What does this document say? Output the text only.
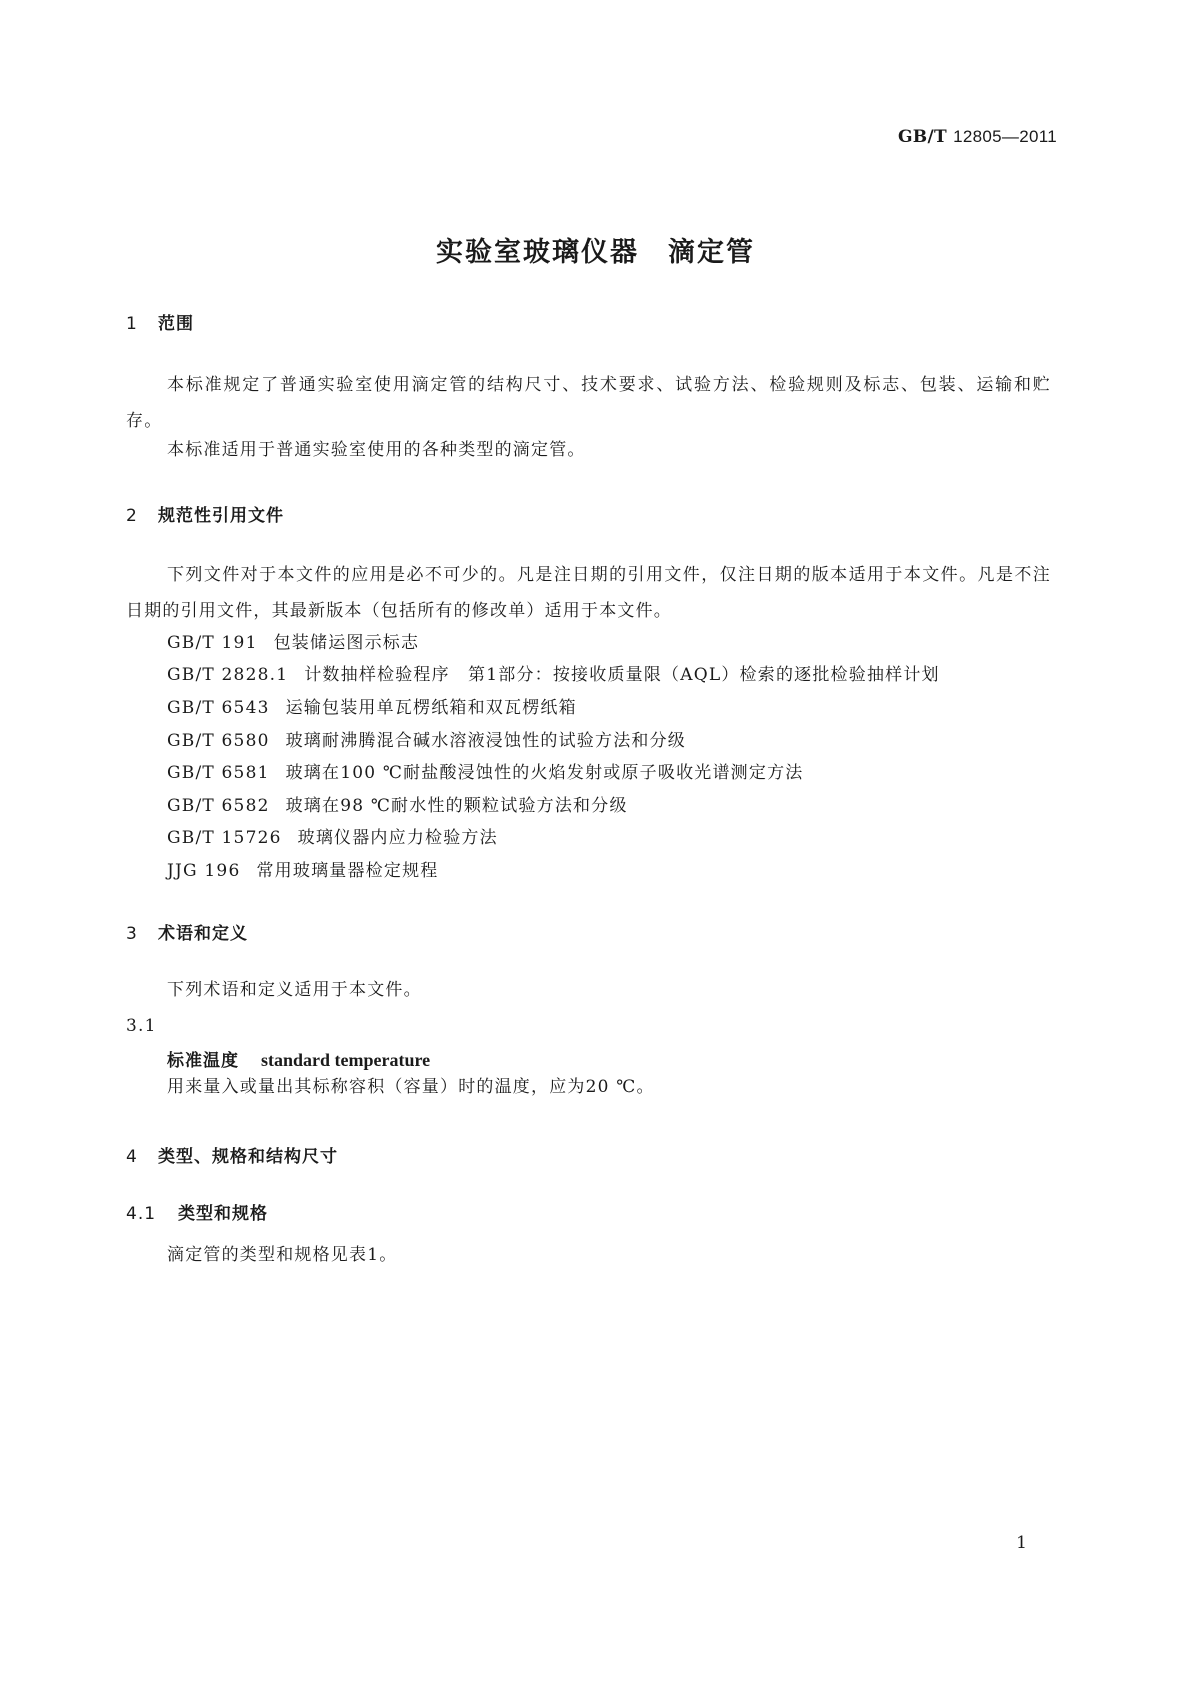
GB/T 12805—2011
实验室玻璃仪器　滴定管
1 范围
本标准规定了普通实验室使用滴定管的结构尺寸、技术要求、试验方法、检验规则及标志、包装、运输和贮存。
本标准适用于普通实验室使用的各种类型的滴定管。
2 规范性引用文件
下列文件对于本文件的应用是必不可少的。凡是注日期的引用文件，仅注日期的版本适用于本文件。凡是不注日期的引用文件，其最新版本（包括所有的修改单）适用于本文件。
GB/T 191 包装储运图示标志
GB/T 2828.1 计数抽样检验程序　第1部分：按接收质量限（AQL）检索的逐批检验抽样计划
GB/T 6543 运输包装用单瓦楞纸箱和双瓦楞纸箱
GB/T 6580 玻璃耐沸腾混合碱水溶液浸蚀性的试验方法和分级
GB/T 6581 玻璃在100 ℃耐盐酸浸蚀性的火焰发射或原子吸收光谱测定方法
GB/T 6582 玻璃在98 ℃耐水性的颗粒试验方法和分级
GB/T 15726 玻璃仪器内应力检验方法
JJG 196 常用玻璃量器检定规程
3 术语和定义
下列术语和定义适用于本文件。
3.1
标准温度 standard temperature
用来量入或量出其标称容积（容量）时的温度，应为20 ℃。
4 类型、规格和结构尺寸
4.1 类型和规格
滴定管的类型和规格见表1。
1
